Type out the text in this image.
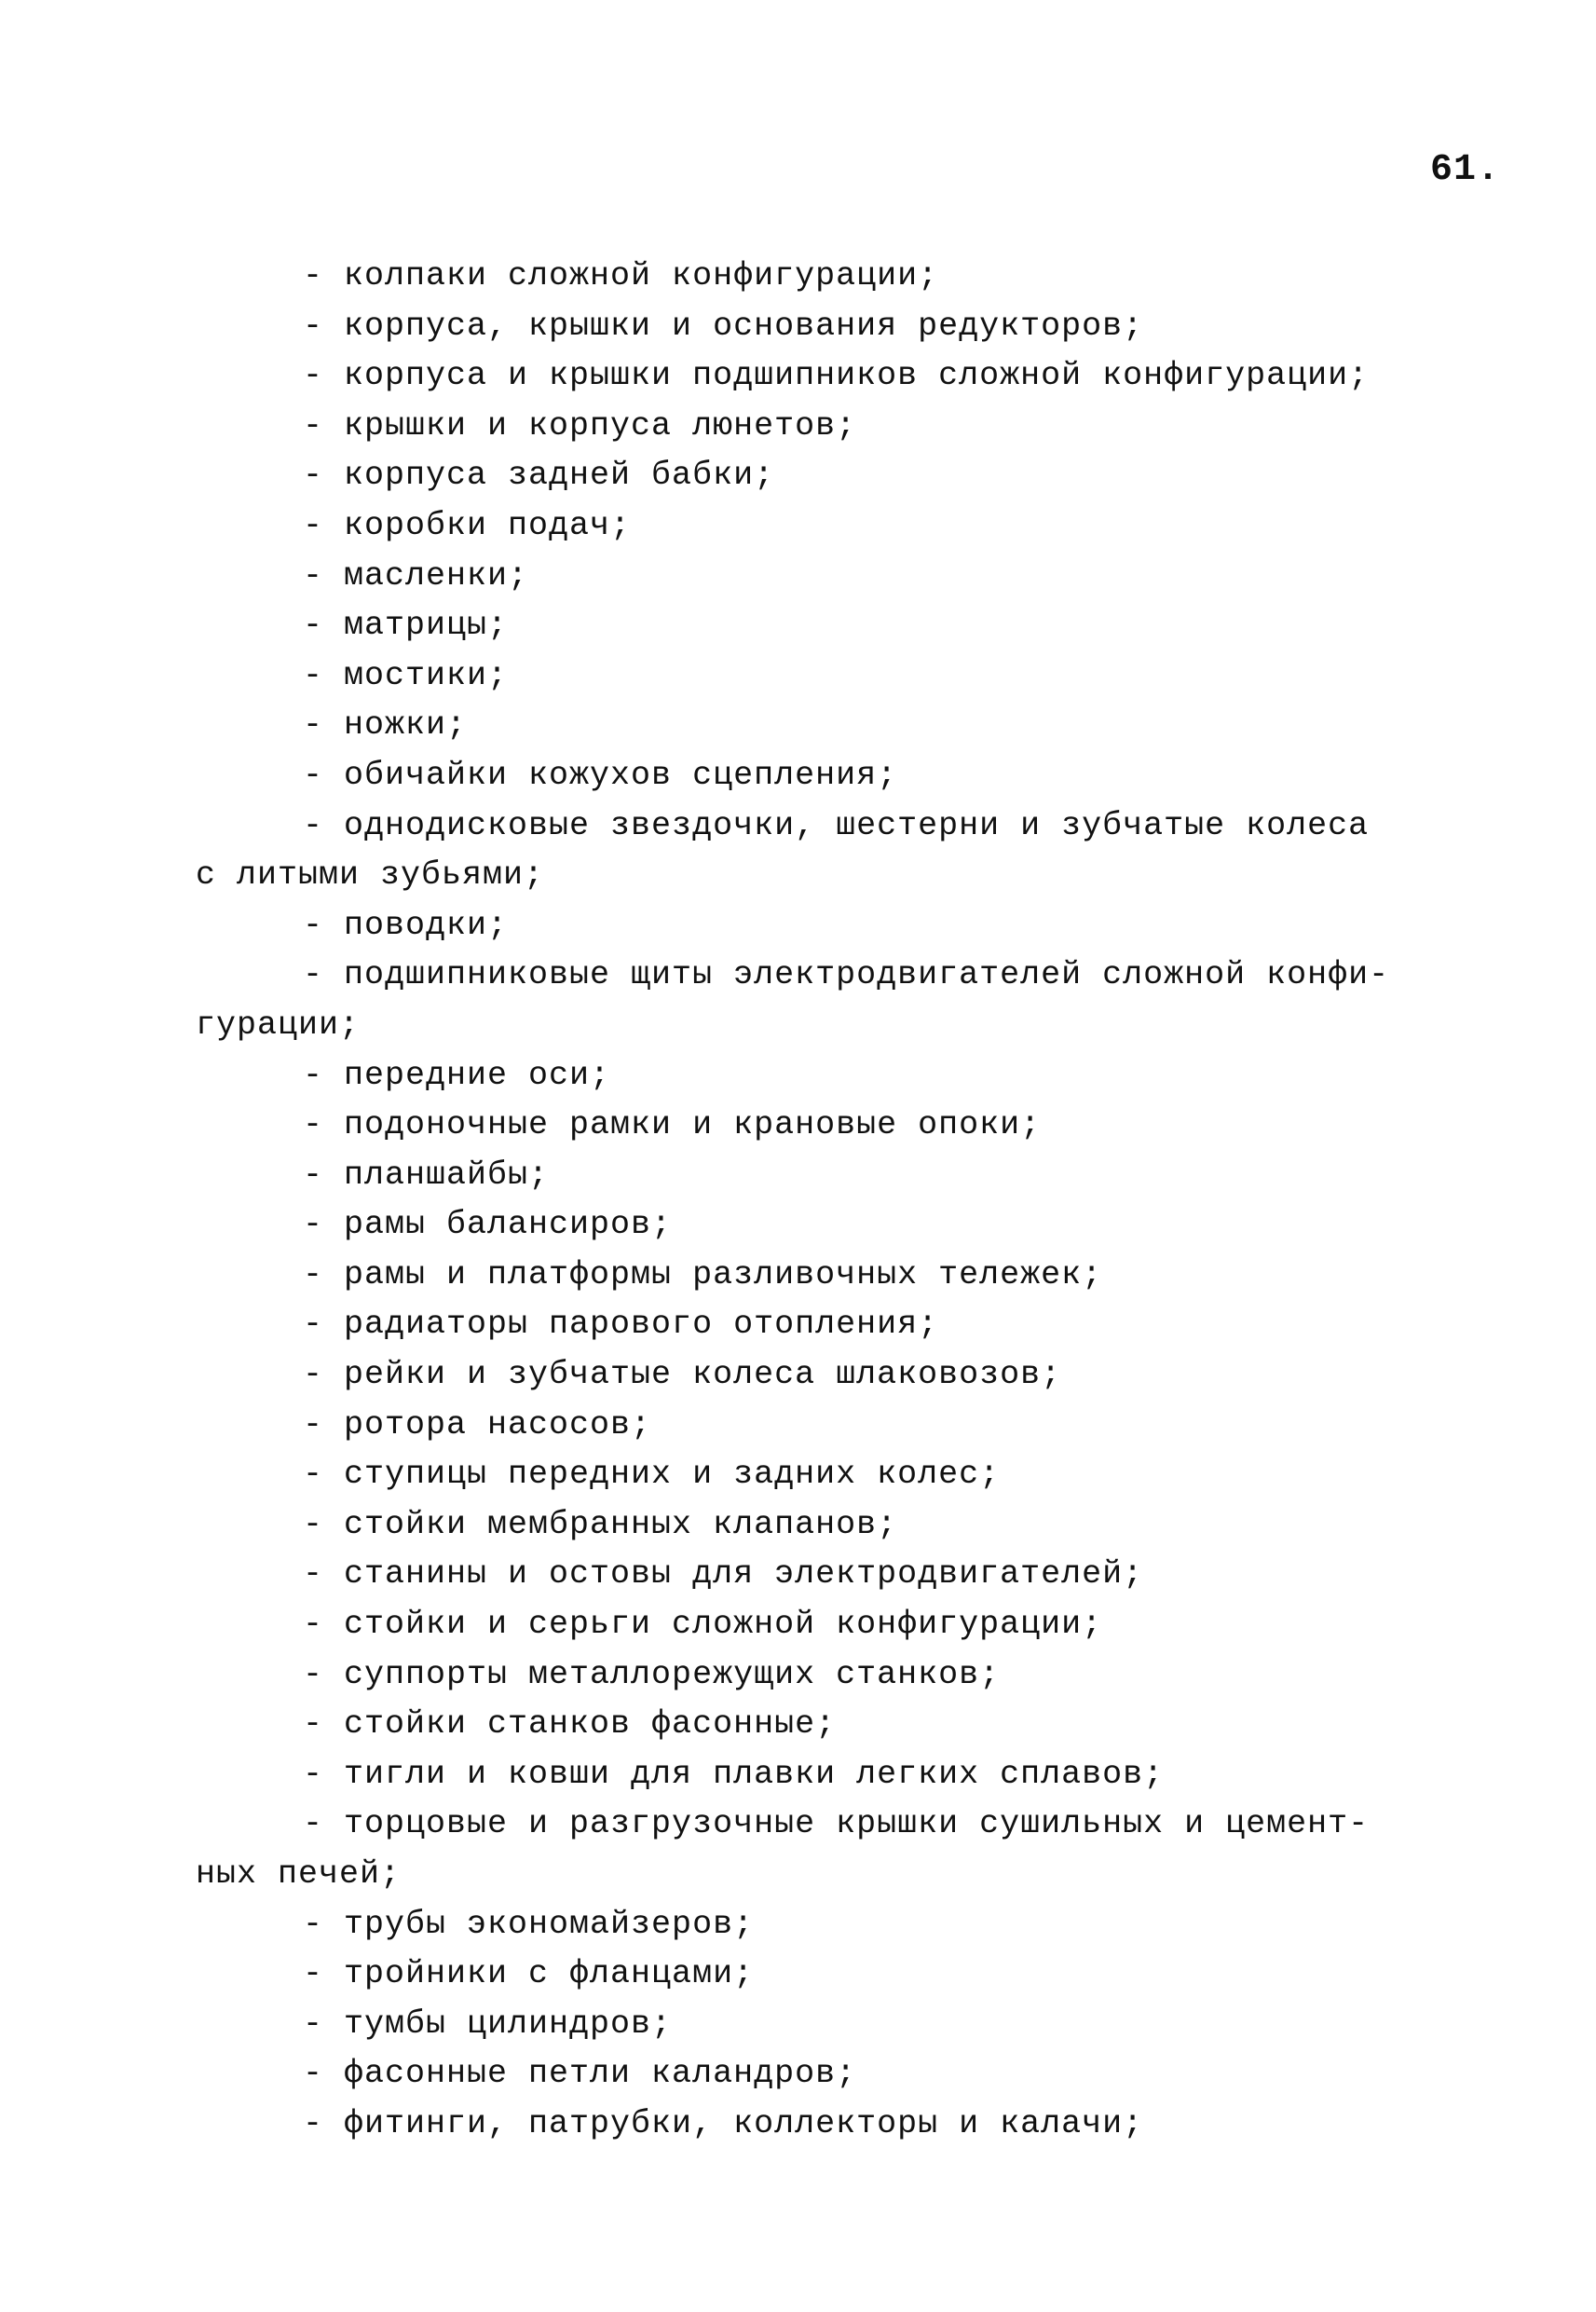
61.
- колпаки сложной конфигурации;
- корпуса, крышки и основания редукторов;
- корпуса и крышки подшипников сложной конфигурации;
- крышки и корпуса люнетов;
- корпуса задней бабки;
- коробки подач;
- масленки;
- матрицы;
- мостики;
- ножки;
- обичайки кожухов сцепления;
- однодисковые звездочки, шестерни и зубчатые колеса
с литыми зубьями;
- поводки;
- подшипниковые щиты электродвигателей сложной конфи-
гурации;
- передние оси;
- подоночные рамки и крановые опоки;
- планшайбы;
- рамы балансиров;
- рамы и платформы разливочных тележек;
- радиаторы парового отопления;
- рейки и зубчатые колеса шлаковозов;
- ротора насосов;
- ступицы передних и задних колес;
- стойки мембранных клапанов;
- станины и остовы для электродвигателей;
- стойки и серьги сложной конфигурации;
- суппорты металлорежущих станков;
- стойки станков фасонные;
- тигли и ковши для плавки легких сплавов;
- торцовые и разгрузочные крышки сушильных и цемент-
ных печей;
- трубы экономайзеров;
- тройники с фланцами;
- тумбы цилиндров;
- фасонные петли каландров;
- фитинги, патрубки, коллекторы и калачи;
